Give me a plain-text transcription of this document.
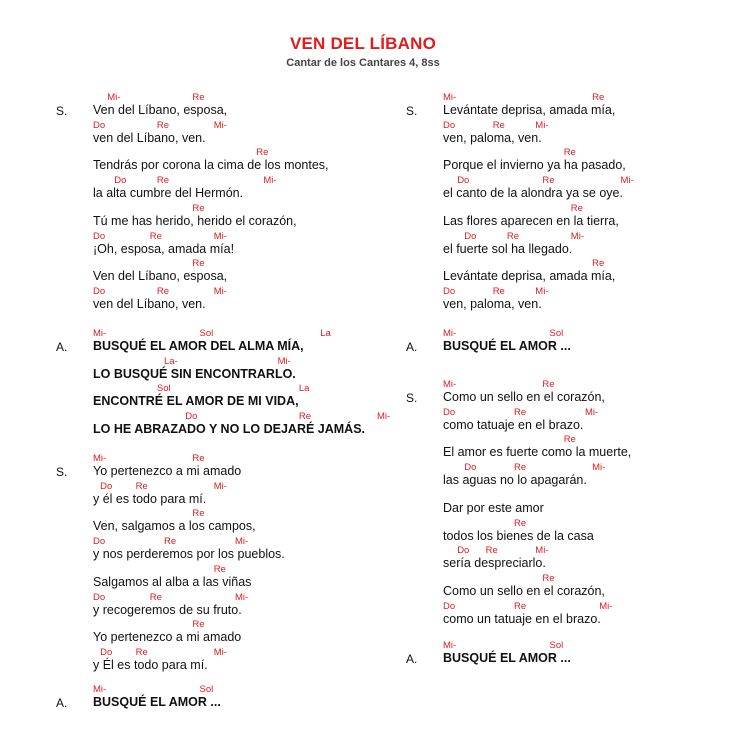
VEN DEL LÍBANO
Cantar de los Cantares 4, 8ss
S.
Mi-	Re
Ven del Líbano, esposa,
Do	Re	Mi-
ven del Líbano, ven.
Re
Tendrás por corona la cima de los montes,
Do	Re	Mi-
la alta cumbre del Hermón.
Re
Tú me has herido, herido el corazón,
Do	Re	Mi-
¡Oh, esposa, amada mía!
Re
Ven del Líbano, esposa,
Do	Re	Mi-
ven del Líbano, ven.
A.
Mi-	Sol	La
BUSQUÉ EL AMOR DEL ALMA MÍA,
La-	Mi-
LO BUSQUÉ SIN ENCONTRARLO.
Sol	La
ENCONTRÉ EL AMOR DE MI VIDA,
Do	Re	Mi-
LO HE ABRAZADO Y NO LO DEJARÉ JAMÁS.
S.
Mi-	Re
Yo pertenezco a mi amado
Do Re	Mi-
y él es todo para mí.
Re
Ven, salgamos a los campos,
Do	Re	Mi-
y nos perderemos por los pueblos.
Re
Salgamos al alba a las viñas
Do	Re	Mi-
y recogeremos de su fruto.
Re
Yo pertenezco a mi amado
Do Re	Mi-
y Él es todo para mí.
A.
Mi-	Sol
BUSQUÉ EL AMOR ...
S.
Mi-	Re
Levántate deprisa, amada mía,
Do	Re	Mi-
ven, paloma, ven.
Re
Porque el invierno ya ha pasado,
Do	Re	Mi-
el canto de la alondra ya se oye.
Re
Las flores aparecen en la tierra,
Do	Re	Mi-
el fuerte sol ha llegado.
Re
Levántate deprisa, amada mía,
Do	Re	Mi-
ven, paloma, ven.
A.
Mi-	Sol
BUSQUÉ EL AMOR ...
S.
Mi-	Re
Como un sello en el corazón,
Do	Re	Mi-
como tatuaje en el brazo.
Re
El amor es fuerte como la muerte,
Do	Re	Mi-
las aguas no lo apagarán.
Dar por este amor
Re
todos los bienes de la casa
Do Re	Mi-
sería despreciarlo.
Re
Como un sello en el corazón,
Do	Re	Mi-
como un tatuaje en el brazo.
A.
Mi-	Sol
BUSQUÉ EL AMOR ...
